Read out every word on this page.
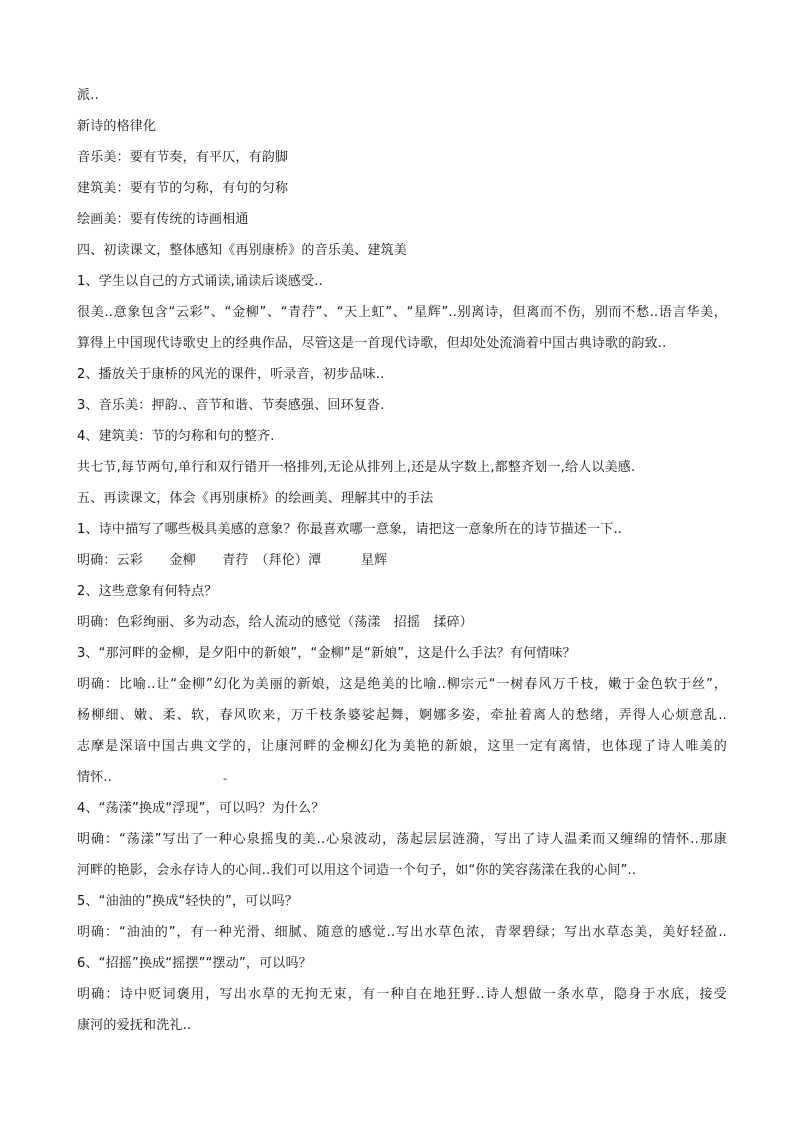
派..
新诗的格律化
音乐美：要有节奏，有平仄，有韵脚
建筑美：要有节的匀称，有句的匀称
绘画美：要有传统的诗画相通
四、初读课文，整体感知《再别康桥》的音乐美、建筑美
1、学生以自己的方式诵读,诵读后谈感受..
很美..意象包含“云彩”、“金柳”、“青荇”、“天上虹”、“星辉”..别离诗，但离而不伤，别而不愁..语言华美，
算得上中国现代诗歌史上的经典作品，尽管这是一首现代诗歌，但却处处流淌着中国古典诗歌的韵致..
2、播放关于康桥的风光的课件，听录音，初步品味..
3、音乐美：押韵.、音节和谐、节奏感强、回环复沓.
4、建筑美：节的匀称和句的整齐.
共七节,每节两句,单行和双行错开一格排列,无论从排列上,还是从字数上,都整齐划一,给人以美感.
五、再读课文，体会《再别康桥》的绘画美、理解其中的手法
1、诗中描写了哪些极具美感的意象？你最喜欢哪一意象，请把这一意象所在的诗节描述一下..
明确：云彩　　金柳　　青荇　（拜伦）潭　　　星辉
2、这些意象有何特点？
明确：色彩绚丽、多为动态，给人流动的感觉（荡漾　招摇　揉碎）
3、“那河畔的金柳，是夕阳中的新娘”，“金柳”是“新娘”，这是什么手法？有何情味？
明确：比喻..让“金柳”幻化为美丽的新娘，这是绝美的比喻..柳宗元“一树春风万千枝，嫩于金色软于丝”，
杨柳细、嫩、柔、软，春风吹来，万千枝条婆娑起舞，婀娜多姿，牵扯着离人的愁绪，弄得人心烦意乱..
志摩是深谙中国古典文学的，让康河畔的金柳幻化为美艳的新娘，这里一定有离情，也体现了诗人唯美的
情怀..	-
4、“荡漾”换成“浮现”，可以吗？为什么？
明确：“荡漾”写出了一种心泉摇曳的美..心泉波动，荡起层层涟漪，写出了诗人温柔而又缠绵的情怀..那康
河畔的艳影，会永存诗人的心间..我们可以用这个词造一个句子，如“你的笑容荡漾在我的心间”..
5、“油油的”换成“轻快的”，可以吗？
明确：“油油的”，有一种光滑、细腻、随意的感觉..写出水草色浓，青翠碧绿；写出水草态美，美好轻盈..
6、“招摇”换成“摇摆”“摆动”，可以吗？
明确：诗中贬词褒用，写出水草的无拘无束，有一种自在地狂野..诗人想做一条水草，隐身于水底，接受
康河的爱抚和洗礼..
